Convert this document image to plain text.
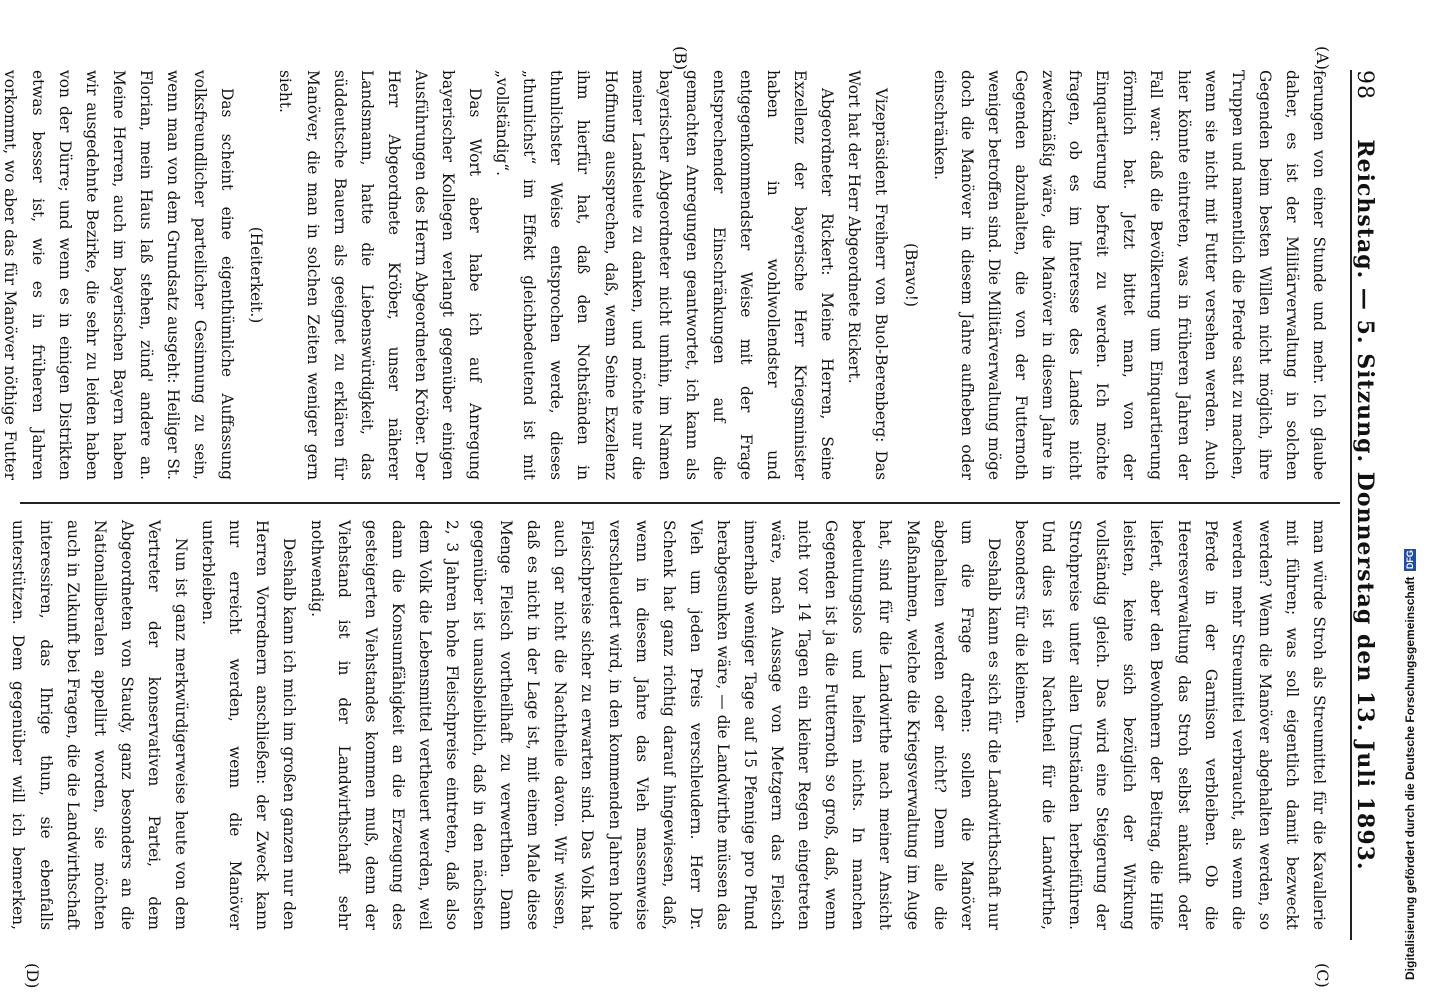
98
Reichstag. — 5. Sitzung. Donnerstag den 13. Juli 1893.
(A)
(B)
(C)
(D)

ferungen von einer Stunde und mehr. Ich glaube daher, es ist der Militärverwaltung in solchen Gegenden beim besten Willen nicht möglich, ihre Truppen und namentlich die Pferde satt zu machen, wenn sie nicht mit Futter versehen werden. Auch hier könnte eintreten, was in früheren Jahren der Fall war: daß die Bevölkerung um Einquartierung förmlich bat. Jetzt bittet man, von der Einquartierung befreit zu werden. Ich möchte fragen, ob es im Interesse des Landes nicht zweckmäßig wäre, die Manöver in diesem Jahre in Gegenden abzuhalten, die von der Futternoth weniger betroffen sind. Die Militärverwaltung möge doch die Manöver in diesem Jahre aufheben oder einschränken.

(Bravo!)

Vizepräsident Freiherr von Buol-Berenberg: Das Wort hat der Herr Abgeordnete Rickert.

Abgeordneter Rickert: Meine Herren, Seine Exzellenz der bayerische Herr Kriegsminister haben in wohlwollendster und entgegenkommendster Weise mit der Frage entsprechender Einschränkungen auf die gemachten Anregungen geantwortet, ich kann als bayerischer Abgeordneter nicht umhin, im Namen meiner Landsleute zu danken, und möchte nur die Hoffnung aussprechen, daß, wenn Seine Exzellenz ihm hierfür hat, daß den Nothständen in thunlichster Weise entsprochen werde, dieses „thunlichst“ im Effekt gleichbedeutend ist mit „vollständig“.

Das Wort aber habe ich auf Anregung bayerischer Kollegen verlangt gegenüber einigen Ausführungen des Herrn Abgeordneten Kröber. Der Herr Abgeordnete Kröber, unser näherer Landsmann, hatte die Liebenswürdigkeit, das süddeutsche Bauern als geeignet zu erklären für Manöver, die man in solchen Zeiten weniger gern sieht.

(Heiterkeit.)

Das scheint eine eigenthümliche Auffassung volksfreundlicher parteilicher Gesinnung zu sein, wenn man von dem Grundsatz ausgeht: Heiliger St. Florian, mein Haus laß stehen, zünd' andere an. Meine Herren, auch im bayerischen Bayern haben wir ausgedehnte Bezirke, die sehr zu leiden haben von der Dürre; und wenn es in einigen Distrikten etwas besser ist, wie es in früheren Jahren vorkommt, wo aber das für Manöver nöthige Futter

man würde Stroh als Streumittel für die Kavallerie mit führen; was soll eigentlich damit bezweckt werden? Wenn die Manöver abgehalten werden, so werden mehr Streumittel verbraucht, als wenn die Pferde in der Garnison verbleiben. Ob die Heeresverwaltung das Stroh selbst ankauft oder liefert, aber den Bewohnern der Beitrag, die Hilfe leisten, keine sich bezüglich der Wirkung vollständig gleich. Das wird eine Steigerung der Strohpreise unter allen Umständen herbeiführen. Und dies ist ein Nachtheil für die Landwirthe, besonders für die kleinen.

Deshalb kann es sich für die Landwirthschaft nur um die Frage drehen: sollen die Manöver abgehalten werden oder nicht? Denn alle die Maßnahmen, welche die Kriegsverwaltung im Auge hat, sind für die Landwirthe nach meiner Ansicht bedeutungslos und helfen nichts. In manchen Gegenden ist ja die Futternoth so groß, daß, wenn nicht vor 14 Tagen ein kleiner Regen eingetreten wäre, nach Aussage von Metzgern das Fleisch innerhalb weniger Tage auf 15 Pfennige pro Pfund herabgesunken wäre, — die Landwirthe müssen das Vieh um jeden Preis verschleudern. Herr Dr. Schenk hat ganz richtig darauf hingewiesen, daß, wenn in diesem Jahre das Vieh massenweise verschleudert wird, in den kommenden Jahren hohe Fleischpreise sicher zu erwarten sind. Das Volk hat auch gar nicht die Nachtheile davon. Wir wissen, daß es nicht in der Lage ist, mit einem Male diese Menge Fleisch vortheilhaft zu verwerthen. Dann gegenüber ist unausbleiblich, daß in den nächsten 2, 3 Jahren hohe Fleischpreise eintreten, daß also dem Volk die Lebensmittel vertheuert werden, weil dann die Konsumfähigkeit an die Erzeugung des gesteigerten Viehstandes kommen muß, denn der Viehstand ist in der Landwirthschaft sehr nothwendig.

Deshalb kann ich mich im großen ganzen nur den Herren Vorrednern anschließen: der Zweck kann nur erreicht werden, wenn die Manöver unterbleiben.

Nun ist ganz merkwürdigerweise heute von dem Vertreter der konservativen Partei, dem Abgeordneten von Staudy, ganz besonders an die Nationalliberalen appellirt worden, sie möchten auch in Zukunft bei Fragen, die die Landwirthschaft interessiren, das Ihrige thun, sie ebenfalls unterstützen. Dem gegenüber will ich bemerken,	Digitalisierung gefördert durch die Deutsche Forschungsgemeinschaft
DFG
